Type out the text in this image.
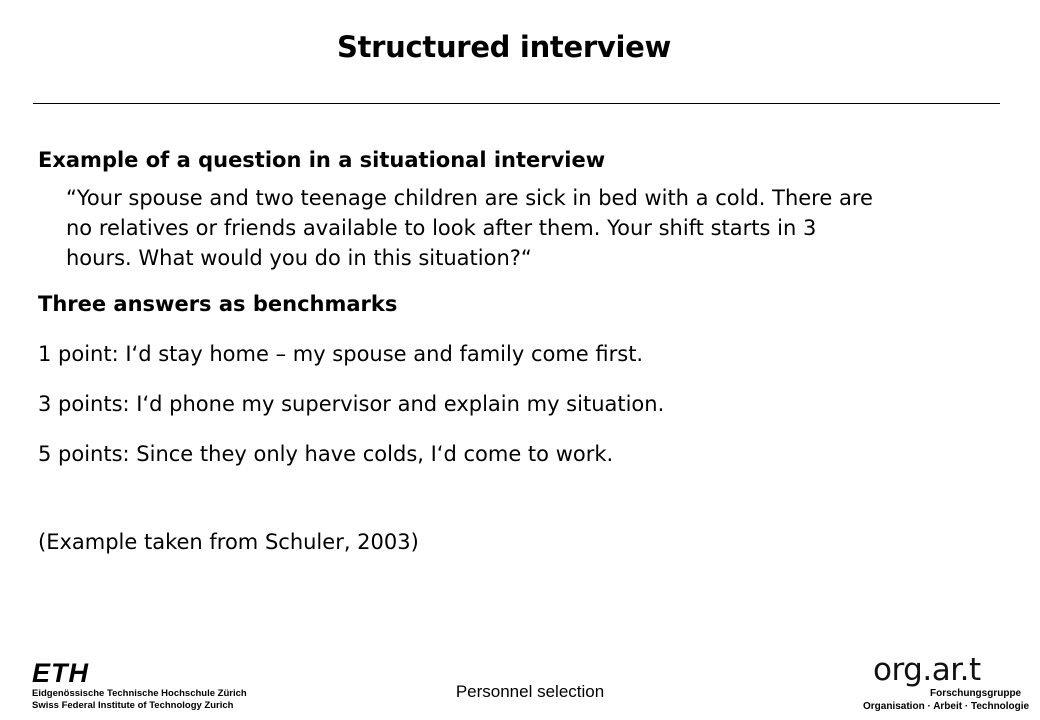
Structured interview
Example of a question in a situational interview
“Your spouse and two teenage children are sick in bed with a cold. There are
no relatives or friends available to look after them. Your shift starts in 3
hours. What would you do in this situation?“
Three answers as benchmarks
1 point: I‘d stay home – my spouse and family come first.
3 points: I‘d phone my supervisor and explain my situation.
5 points: Since they only have colds, I‘d come to work.
(Example taken from Schuler, 2003)
ETH
Eidgenössische Technische Hochschule Zürich
Swiss Federal Institute of Technology Zurich
Personnel selection
org.ar.t
Forschungsgruppe
Organisation · Arbeit · Technologie
